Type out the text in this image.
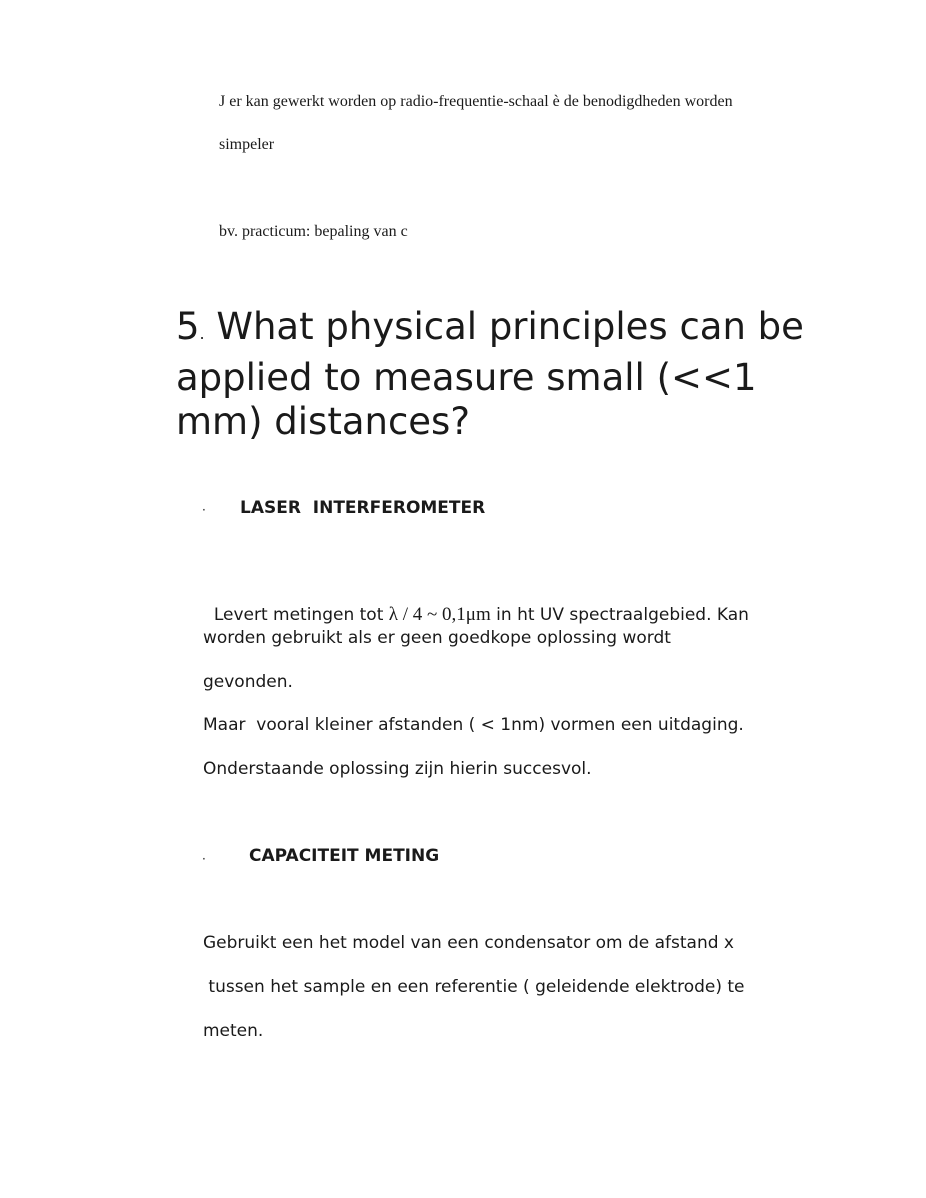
J er kan gewerkt worden op radio-frequentie-schaal è de benodigdheden worden
simpeler
bv. practicum: bepaling van c
5. What physical principles can be
applied to measure small (<<1
mm) distances?
· LASER  INTERFEROMETER

Levert metingen tot λ / 4 ~ 0,1μm in ht UV spectraalgebied. Kan

worden gebruikt als er geen goedkope oplossing wordt
gevonden.
Maar  vooral kleiner afstanden ( < 1nm) vormen een uitdaging.
Onderstaande oplossing zijn hierin succesvol.
·	CAPACITEIT METING
Gebruikt een het model van een condensator om de afstand x
tussen het sample en een referentie ( geleidende elektrode) te
meten.
